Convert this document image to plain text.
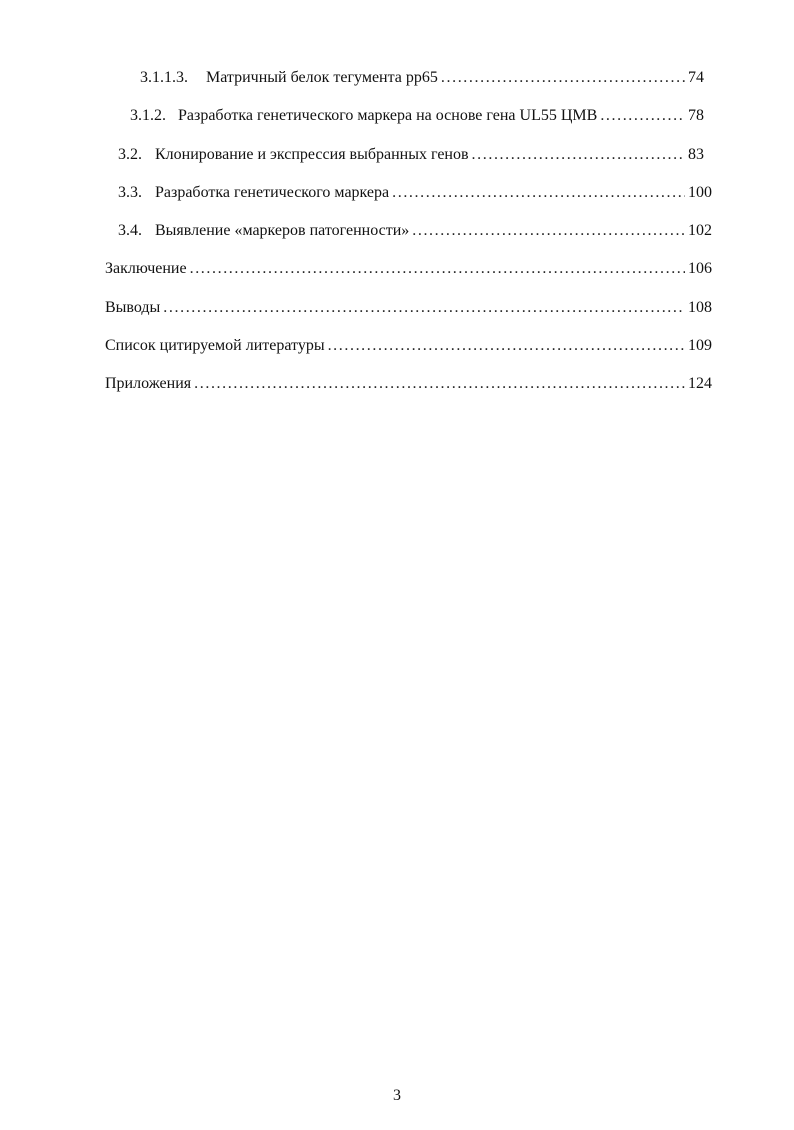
3.1.1.3.	Матричный белок тегумента pp65 .....	74
3.1.2. Разработка генетического маркера на основе гена UL55 ЦМВ .....	78
3.2. Клонирование и экспрессия выбранных генов .....	83
3.3. Разработка генетического маркера .....	100
3.4. Выявление «маркеров патогенности» .....	102
Заключение .....	106
Выводы .....	108
Список цитируемой литературы .....	109
Приложения .....	124
3
